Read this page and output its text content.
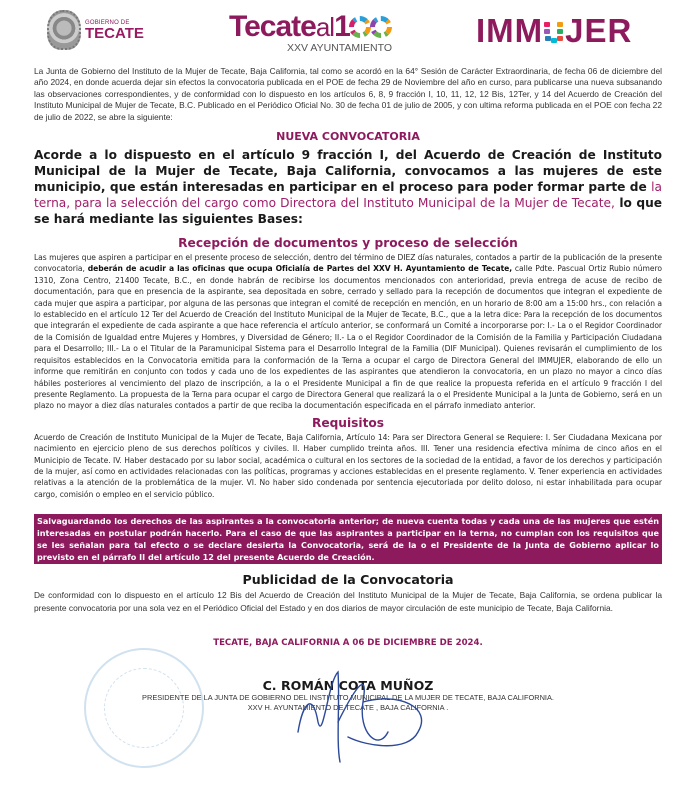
GOBIERNO DE
TECATE	Tecateal1
XXV AYUNTAMIENTO	IMM JER

La Junta de Gobierno del Instituto de la Mujer de Tecate, Baja California, tal como se acordó en la 64° Sesión de Carácter Extraordinaria, de fecha 06 de diciembre del año 2024, en donde acuerda dejar sin efectos la convocatoria publicada en el POE de fecha 29 de Noviembre del año en curso, para publicarse una nueva subsanando las observaciones correspondientes, y de conformidad con lo dispuesto en los artículos 6, 8, 9 fracción I, 10, 11, 12, 12 Bis, 12Ter, y 14 del Acuerdo de Creación del Instituto Municipal de Mujer de Tecate, B.C. Publicado en el Periódico Oficial No. 30 de fecha 01 de julio de 2005, y con ultima reforma publicada en el POE con fecha 22 de julio de 2022, se abre la siguiente:

NUEVA CONVOCATORIA

Acorde a lo dispuesto en el artículo 9 fracción I, del Acuerdo de Creación de Instituto Municipal de la Mujer de Tecate, Baja California, convocamos a las mujeres de este municipio, que están interesadas en participar en el proceso para poder formar parte de la terna, para la selección del cargo como Directora del Instituto Municipal de la Mujer de Tecate, lo que se hará mediante las siguientes Bases:

Recepción de documentos y proceso de selección

Las mujeres que aspiren a participar en el presente proceso de selección, dentro del término de DIEZ días naturales, contados a partir de la publicación de la presente convocatoria, deberán de acudir a las oficinas que ocupa Oficialía de Partes del XXV H. Ayuntamiento de Tecate, calle Pdte. Pascual Ortiz Rubio número 1310, Zona Centro, 21400 Tecate, B.C., en donde habrán de recibirse los documentos mencionados con anterioridad, previa entrega de acuse de recibo de documentación, para que en presencia de la aspirante, sea depositada en sobre, cerrado y sellado para la recepción de documentos que integran el expediente de cada mujer que aspira a participar, por alguna de las personas que integran el comité de recepción en mención, en un horario de 8:00 am a 15:00 hrs., con relación a lo establecido en el artículo 12 Ter del Acuerdo de Creación del Instituto Municipal de la Mujer de Tecate, B.C., que a la letra dice: Para la recepción de los documentos que integrarán el expediente de cada aspirante a que hace referencia el artículo anterior, se conformará un Comité a incorporarse por: I.- La o el Regidor Coordinador de la Comisión de Igualdad entre Mujeres y Hombres, y Diversidad de Género; II.- La o el Regidor Coordinador de la Comisión de la Familia y Participación Ciudadana para el Desarrollo; III.- La o el Titular de la Paramunicipal Sistema para el Desarrollo Integral de la Familia (DIF Municipal). Quienes revisarán el cumplimiento de los requisitos establecidos en la Convocatoria emitida para la conformación de la Terna a ocupar el cargo de Directora General del IMMUJER, elaborando de ello un informe que remitirán en conjunto con todos y cada uno de los expedientes de las aspirantes que atendieron la convocatoria, en un plazo no mayor a cinco días hábiles posteriores al vencimiento del plazo de inscripción, a la o el Presidente Municipal a fin de que realice la propuesta referida en el artículo 9 fracción I del presente Reglamento. La propuesta de la Terna para ocupar el cargo de Directora General que realizará la o el Presidente Municipal a la Junta de Gobierno, será en un plazo no mayor a diez días naturales contados a partir de que reciba la documentación especificada en el párrafo inmediato anterior.

Requisitos

Acuerdo de Creación de Instituto Municipal de la Mujer de Tecate, Baja California, Artículo 14: Para ser Directora General se Requiere: I. Ser Ciudadana Mexicana por nacimiento en ejercicio pleno de sus derechos políticos y civiles. II. Haber cumplido treinta años. III. Tener una residencia efectiva mínima de cinco años en el Municipio de Tecate. IV. Haber destacado por su labor social, académica o cultural en los sectores de la sociedad de la entidad, a favor de los derechos y participación de la mujer, así como en actividades relacionadas con las políticas, programas y acciones establecidas en el presente reglamento. V. Tener experiencia en actividades relativas a la atención de la problemática de la mujer. VI. No haber sido condenada por sentencia ejecutoriada por delito doloso, ni estar inhabilitada para ocupar cargo, comisión o empleo en el servicio público.

Salvaguardando los derechos de las aspirantes a la convocatoria anterior; de nueva cuenta todas y cada una de las mujeres que estén interesadas en postular podrán hacerlo. Para el caso de que las aspirantes a participar en la terna, no cumplan con los requisitos que se les señalan para tal efecto o se declare desierta la Convocatoria, será de la o el Presidente de la Junta de Gobierno aplicar lo previsto en el párrafo II del artículo 12 del presente Acuerdo de Creación.
Publicidad de la Convocatoria

De conformidad con lo dispuesto en el artículo 12 Bis del Acuerdo de Creación del Instituto Municipal de la Mujer de Tecate, Baja California, se ordena publicar la presente convocatoria por una sola vez en el Periódico Oficial del Estado y en dos diarios de mayor circulación de este municipio de Tecate, Baja California.

TECATE, BAJA CALIFORNIA A 06 DE DICIEMBRE DE 2024.
C. ROMÁN COTA MUÑOZ

PRESIDENTE DE LA JUNTA DE GOBIERNO DEL INSTITUTO MUNICIPAL DE LA MUJER DE TECATE, BAJA CALIFORNIA.

XXV H. AYUNTAMIENTO DE TECATE , BAJA CALIFORNIA .
